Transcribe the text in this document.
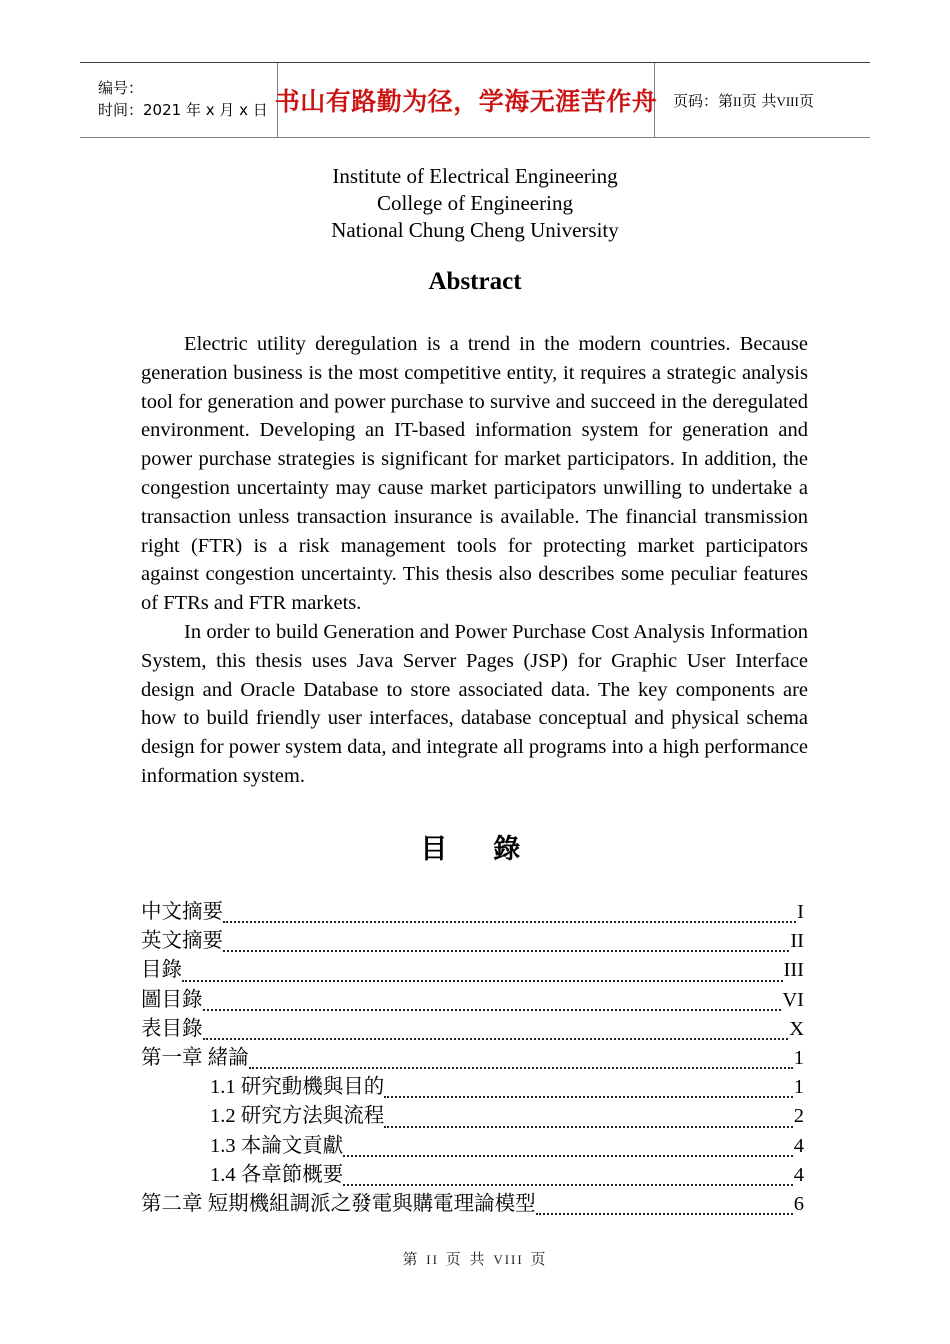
编号：
时间：2021 年 x 月 x 日 书山有路勤为径，学海无涯苦作舟 页码：第II页 共VIII页
Institute of Electrical Engineering
College of Engineering
National Chung Cheng University
Abstract

Electric utility deregulation is a trend in the modern countries. Because generation business is the most competitive entity, it requires a strategic analysis tool for generation and power purchase to survive and succeed in the deregulated environment. Developing an IT-based information system for generation and power purchase strategies is significant for market participators. In addition, the congestion uncertainty may cause market participators unwilling to undertake a transaction unless transaction insurance is available. The financial transmission right (FTR) is a risk management tools for protecting market participators against congestion uncertainty. This thesis also describes some peculiar features of FTRs and FTR markets.

In order to build Generation and Power Purchase Cost Analysis Information System, this thesis uses Java Server Pages (JSP) for Graphic User Interface design and Oracle Database to store associated data. The key components are how to build friendly user interfaces, database conceptual and physical schema design for power system data, and integrate all programs into a high performance information system.

目　錄
中文摘要	I
英文摘要	II
目錄	III
圖目錄	VI
表目錄	X
第一章 緒論	1
1.1 研究動機與目的	1
1.2 研究方法與流程	2
1.3 本論文貢獻	4
1.4 各章節概要	4
第二章 短期機組調派之發電與購電理論模型	6
第 II 页 共 VIII 页
